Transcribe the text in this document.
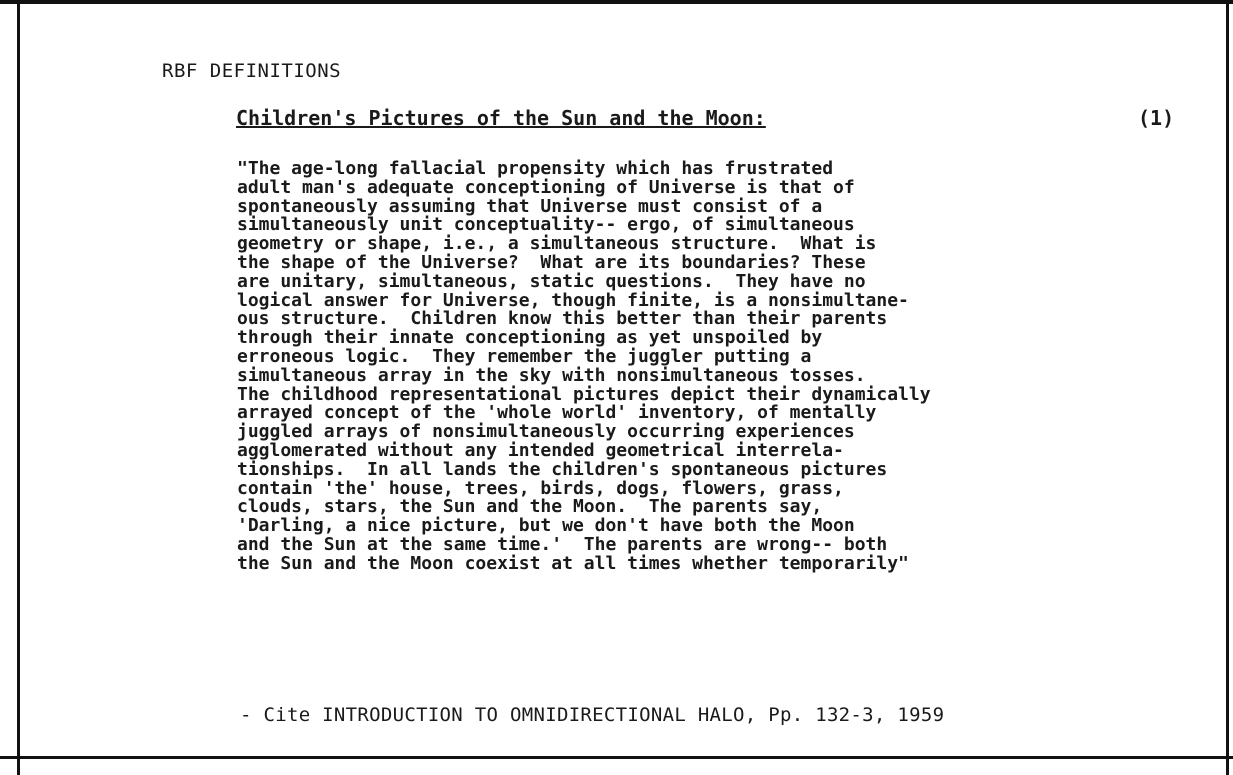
RBF DEFINITIONS
Children's Pictures of the Sun and the Moon:	(1)
"The age-long fallacial propensity which has frustrated
adult man's adequate conceptioning of Universe is that of
spontaneously assuming that Universe must consist of a
simultaneously unit conceptuality-- ergo, of simultaneous
geometry or shape, i.e., a simultaneous structure.  What is
the shape of the Universe?  What are its boundaries? These
are unitary, simultaneous, static questions.  They have no
logical answer for Universe, though finite, is a nonsimultane-
ous structure.  Children know this better than their parents
through their innate conceptioning as yet unspoiled by
erroneous logic.  They remember the juggler putting a
simultaneous array in the sky with nonsimultaneous tosses.
The childhood representational pictures depict their dynamically
arrayed concept of the 'whole world' inventory, of mentally
juggled arrays of nonsimultaneously occurring experiences
agglomerated without any intended geometrical interrela-
tionships.  In all lands the children's spontaneous pictures
contain 'the' house, trees, birds, dogs, flowers, grass,
clouds, stars, the Sun and the Moon.  The parents say,
'Darling, a nice picture, but we don't have both the Moon
and the Sun at the same time.'  The parents are wrong-- both
the Sun and the Moon coexist at all times whether temporarily"
- Cite INTRODUCTION TO OMNIDIRECTIONAL HALO, Pp. 132-3, 1959
